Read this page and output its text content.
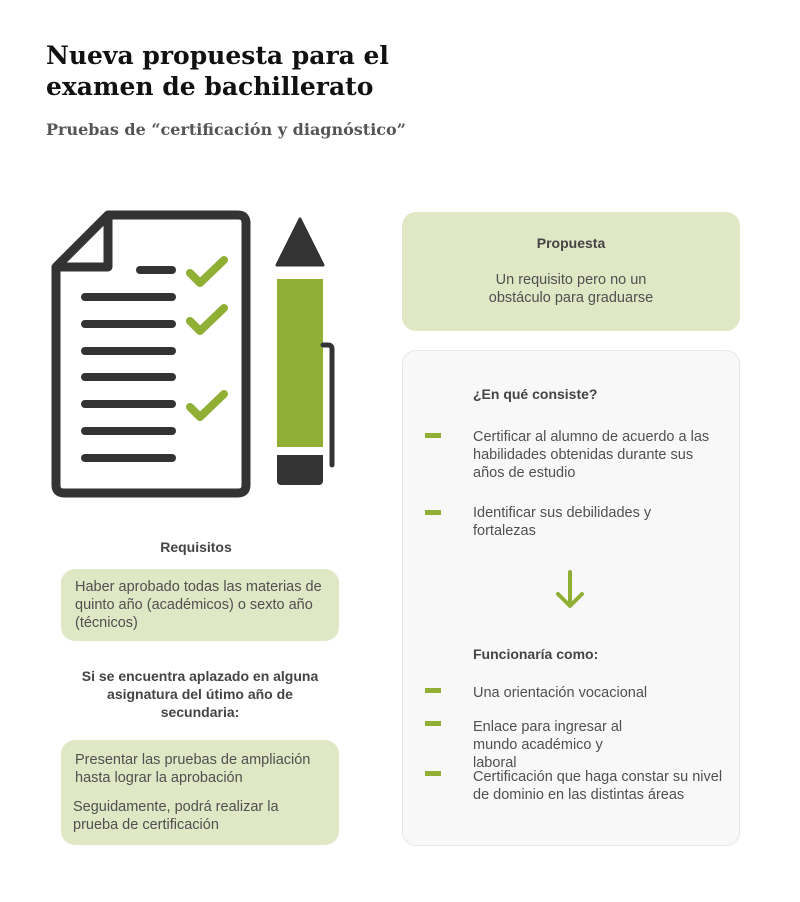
Nueva propuesta para el examen de bachillerato
Pruebas de “certificación y diagnóstico”
Requisitos

Haber aprobado todas las materias de quinto año (académicos) o sexto año (técnicos)

Si se encuentra aplazado en alguna asignatura del útimo año de secundaria:

Presentar las pruebas de ampliación hasta lograr la aprobación

Seguidamente, podrá realizar la prueba de certificación

Propuesta
Un requisito pero no un obstáculo para graduarse
¿En qué consiste?
Certificar al alumno de acuerdo a las habilidades obtenidas durante sus años de estudio
Identificar sus debilidades y fortalezas
Funcionaría como:
Una orientación vocacional
Enlace para ingresar al mundo académico y laboral
Certificación que haga constar su nivel de dominio en las distintas áreas
